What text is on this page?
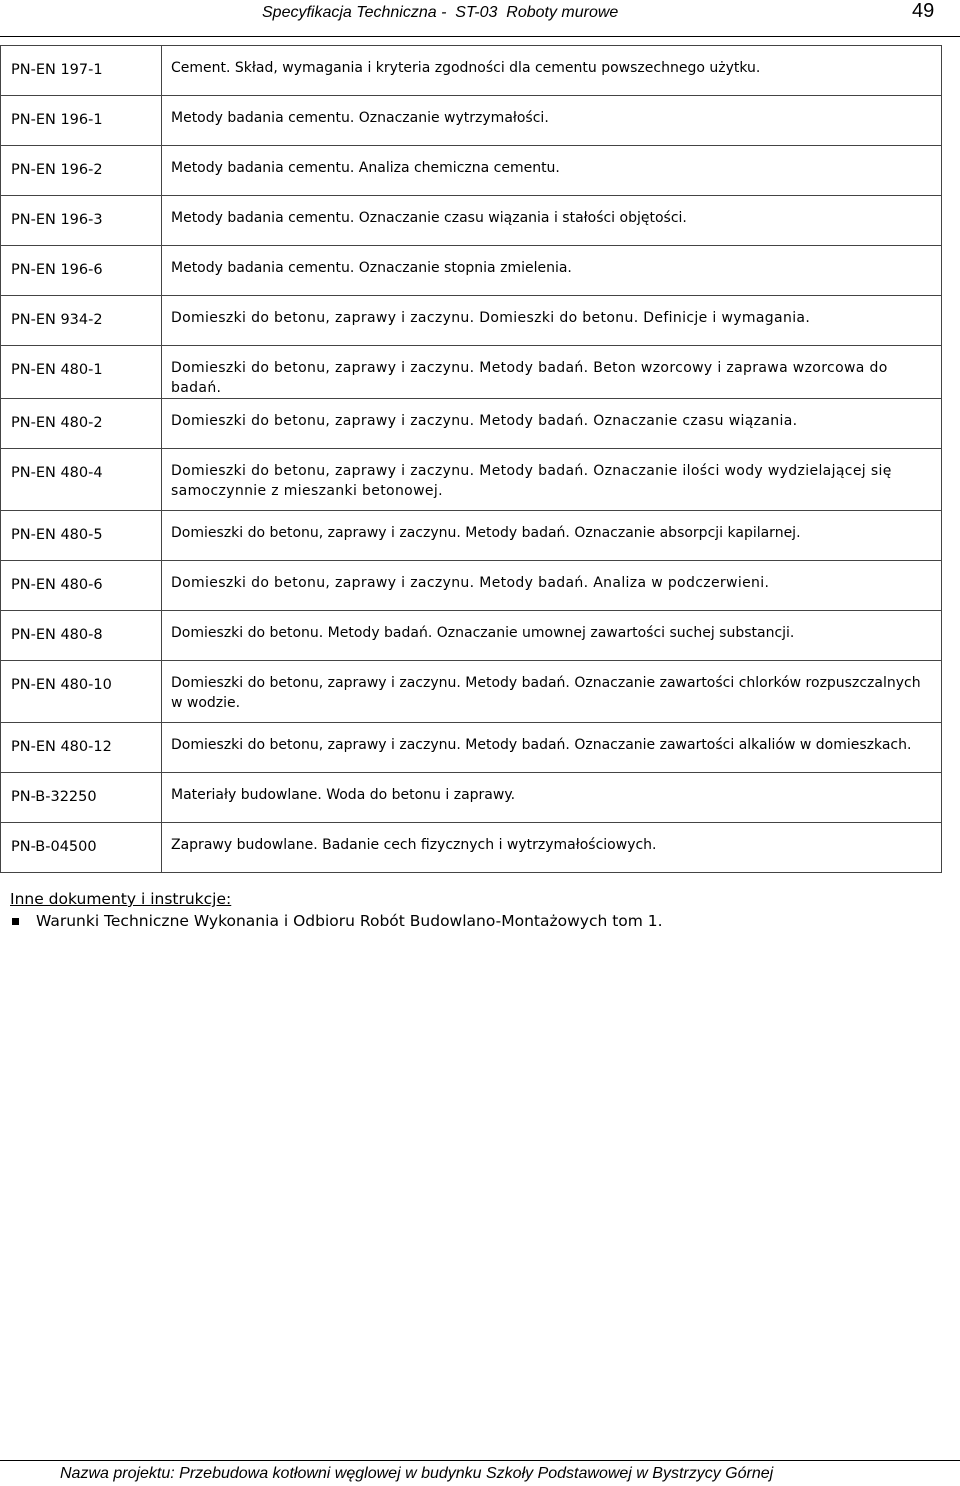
Specyfikacja Techniczna -  ST-03  Roboty murowe	49
PN-EN 197-1	Cement. Skład, wymagania i kryteria zgodności dla cementu powszechnego użytku.
PN-EN 196-1	Metody badania cementu. Oznaczanie wytrzymałości.
PN-EN 196-2	Metody badania cementu. Analiza chemiczna cementu.
PN-EN 196-3	Metody badania cementu. Oznaczanie czasu wiązania i stałości objętości.
PN-EN 196-6	Metody badania cementu. Oznaczanie stopnia zmielenia.
PN-EN 934-2	Domieszki do betonu, zaprawy i zaczynu. Domieszki do betonu. Definicje i wymagania.
PN-EN 480-1	Domieszki do betonu, zaprawy i zaczynu. Metody badań. Beton wzorcowy i zaprawa wzorcowa do badań.
PN-EN 480-2	Domieszki do betonu, zaprawy i zaczynu. Metody badań. Oznaczanie czasu wiązania.
PN-EN 480-4	Domieszki do betonu, zaprawy i zaczynu. Metody badań. Oznaczanie ilości wody wydzielającej się samoczynnie z mieszanki betonowej.
PN-EN 480-5	Domieszki do betonu, zaprawy i zaczynu. Metody badań. Oznaczanie absorpcji kapilarnej.
PN-EN 480-6	Domieszki do betonu, zaprawy i zaczynu. Metody badań. Analiza w podczerwieni.
PN-EN 480-8	Domieszki do betonu. Metody badań. Oznaczanie umownej zawartości suchej substancji.
PN-EN 480-10	Domieszki do betonu, zaprawy i zaczynu. Metody badań. Oznaczanie zawartości chlorków rozpuszczalnych w wodzie.
PN-EN 480-12	Domieszki do betonu, zaprawy i zaczynu. Metody badań. Oznaczanie zawartości alkaliów w domieszkach.
PN-B-32250	Materiały budowlane. Woda do betonu i zaprawy.
PN-B-04500	Zaprawy budowlane. Badanie cech fizycznych i wytrzymałościowych.
Inne dokumenty i instrukcje:
Warunki Techniczne Wykonania i Odbioru Robót Budowlano-Montażowych tom 1.
Nazwa projektu: Przebudowa kotłowni węglowej w budynku Szkoły Podstawowej w Bystrzycy Górnej
